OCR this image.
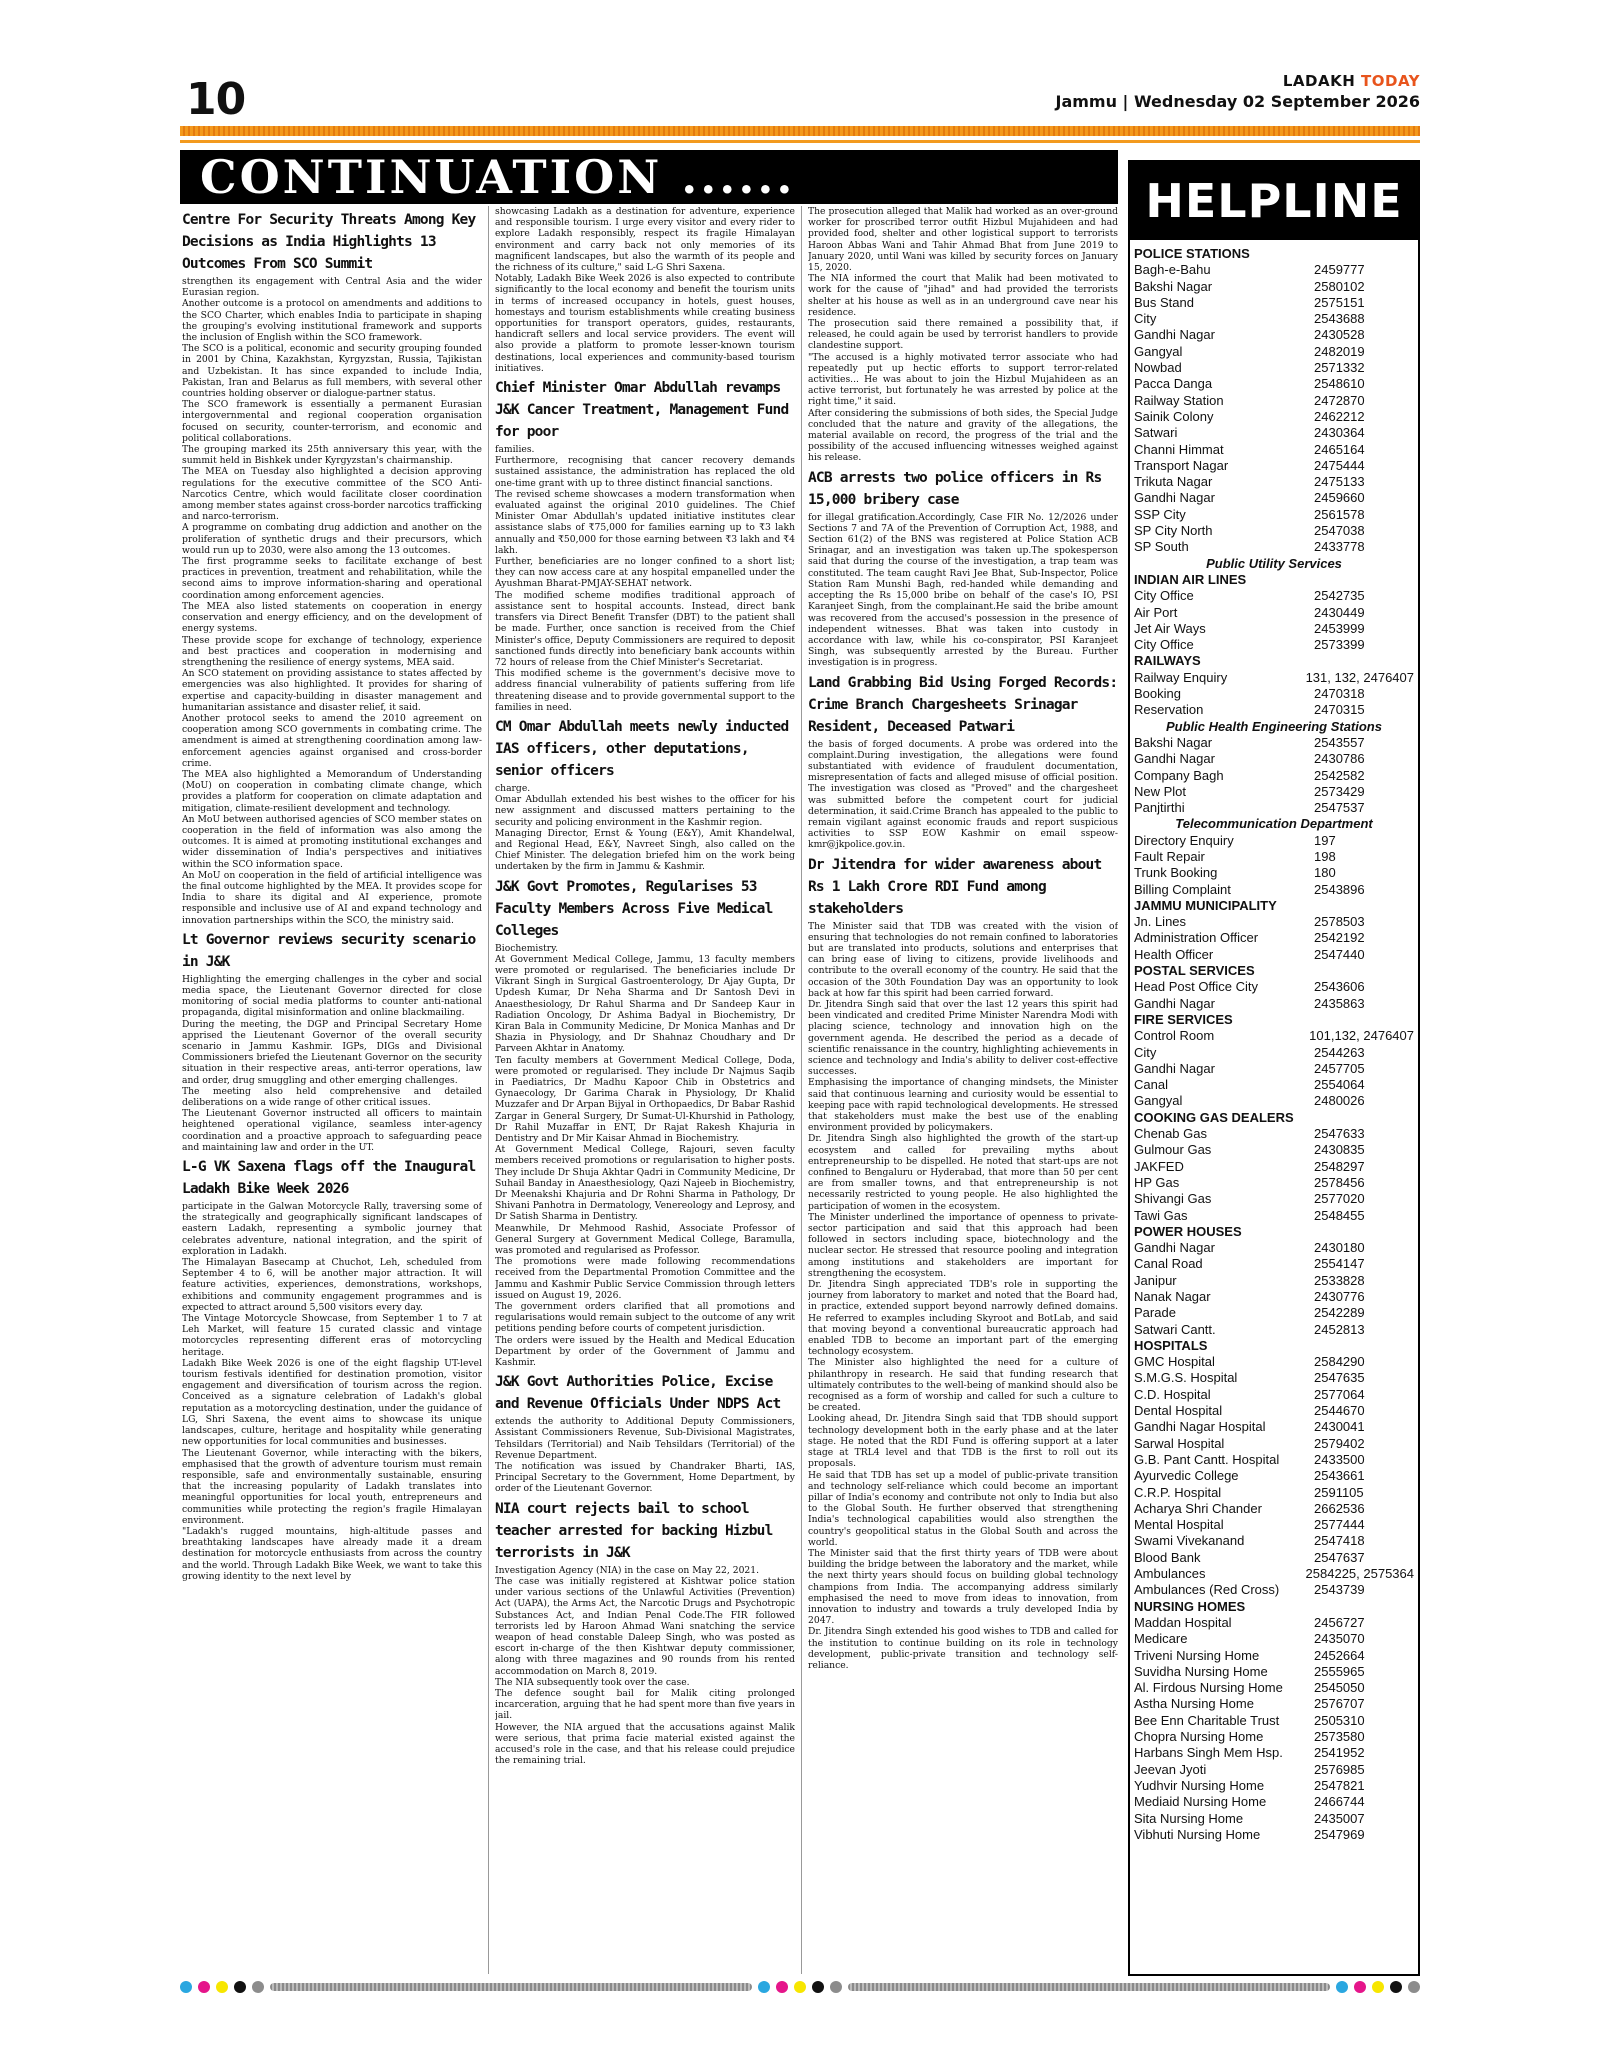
10	LADAKH TODAY
Jammu | Wednesday 02 September 2026
CONTINUATION ......
Centre For Security Threats Among Key Decisions as India Highlights 13 Outcomes From SCO Summit

strengthen its engagement with Central Asia and the wider Eurasian region.

Another outcome is a protocol on amendments and additions to the SCO Charter, which enables India to participate in shaping the grouping's evolving institutional framework and supports the inclusion of English within the SCO framework.

The SCO is a political, economic and security grouping founded in 2001 by China, Kazakhstan, Kyrgyzstan, Russia, Tajikistan and Uzbekistan. It has since expanded to include India, Pakistan, Iran and Belarus as full members, with several other countries holding observer or dialogue-partner status.

The SCO framework is essentially a permanent Eurasian intergovernmental and regional cooperation organisation focused on security, counter-terrorism, and economic and political collaborations.

The grouping marked its 25th anniversary this year, with the summit held in Bishkek under Kyrgyzstan's chairmanship.

The MEA on Tuesday also highlighted a decision approving regulations for the executive committee of the SCO Anti-Narcotics Centre, which would facilitate closer coordination among member states against cross-border narcotics trafficking and narco-terrorism.

A programme on combating drug addiction and another on the proliferation of synthetic drugs and their precursors, which would run up to 2030, were also among the 13 outcomes.

The first programme seeks to facilitate exchange of best practices in prevention, treatment and rehabilitation, while the second aims to improve information-sharing and operational coordination among enforcement agencies.

The MEA also listed statements on cooperation in energy conservation and energy efficiency, and on the development of energy systems.

These provide scope for exchange of technology, experience and best practices and cooperation in modernising and strengthening the resilience of energy systems, MEA said.

An SCO statement on providing assistance to states affected by emergencies was also highlighted. It provides for sharing of expertise and capacity-building in disaster management and humanitarian assistance and disaster relief, it said.

Another protocol seeks to amend the 2010 agreement on cooperation among SCO governments in combating crime. The amendment is aimed at strengthening coordination among law-enforcement agencies against organised and cross-border crime.

The MEA also highlighted a Memorandum of Understanding (MoU) on cooperation in combating climate change, which provides a platform for cooperation on climate adaptation and mitigation, climate-resilient development and technology.

An MoU between authorised agencies of SCO member states on cooperation in the field of information was also among the outcomes. It is aimed at promoting institutional exchanges and wider dissemination of India's perspectives and initiatives within the SCO information space.

An MoU on cooperation in the field of artificial intelligence was the final outcome highlighted by the MEA. It provides scope for India to share its digital and AI experience, promote responsible and inclusive use of AI and expand technology and innovation partnerships within the SCO, the ministry said.

Lt Governor reviews security scenario in J&K

Highlighting the emerging challenges in the cyber and social media space, the Lieutenant Governor directed for close monitoring of social media platforms to counter anti-national propaganda, digital misinformation and online blackmailing.

During the meeting, the DGP and Principal Secretary Home apprised the Lieutenant Governor of the overall security scenario in Jammu Kashmir. IGPs, DIGs and Divisional Commissioners briefed the Lieutenant Governor on the security situation in their respective areas, anti-terror operations, law and order, drug smuggling and other emerging challenges.

The meeting also held comprehensive and detailed deliberations on a wide range of other critical issues.

The Lieutenant Governor instructed all officers to maintain heightened operational vigilance, seamless inter-agency coordination and a proactive approach to safeguarding peace and maintaining law and order in the UT.

L-G VK Saxena flags off the Inaugural Ladakh Bike Week 2026

participate in the Galwan Motorcycle Rally, traversing some of the strategically and geographically significant landscapes of eastern Ladakh, representing a symbolic journey that celebrates adventure, national integration, and the spirit of exploration in Ladakh.

The Himalayan Basecamp at Chuchot, Leh, scheduled from September 4 to 6, will be another major attraction. It will feature activities, experiences, demonstrations, workshops, exhibitions and community engagement programmes and is expected to attract around 5,500 visitors every day.

The Vintage Motorcycle Showcase, from September 1 to 7 at Leh Market, will feature 15 curated classic and vintage motorcycles representing different eras of motorcycling heritage.

Ladakh Bike Week 2026 is one of the eight flagship UT-level tourism festivals identified for destination promotion, visitor engagement and diversification of tourism across the region. Conceived as a signature celebration of Ladakh's global reputation as a motorcycling destination, under the guidance of LG, Shri Saxena, the event aims to showcase its unique landscapes, culture, heritage and hospitality while generating new opportunities for local communities and businesses.

The Lieutenant Governor, while interacting with the bikers, emphasised that the growth of adventure tourism must remain responsible, safe and environmentally sustainable, ensuring that the increasing popularity of Ladakh translates into meaningful opportunities for local youth, entrepreneurs and communities while protecting the region's fragile Himalayan environment.

"Ladakh's rugged mountains, high-altitude passes and breathtaking landscapes have already made it a dream destination for motorcycle enthusiasts from across the country and the world. Through Ladakh Bike Week, we want to take this growing identity to the next level by

showcasing Ladakh as a destination for adventure, experience and responsible tourism. I urge every visitor and every rider to explore Ladakh responsibly, respect its fragile Himalayan environment and carry back not only memories of its magnificent landscapes, but also the warmth of its people and the richness of its culture," said L-G Shri Saxena.

Notably, Ladakh Bike Week 2026 is also expected to contribute significantly to the local economy and benefit the tourism units in terms of increased occupancy in hotels, guest houses, homestays and tourism establishments while creating business opportunities for transport operators, guides, restaurants, handicraft sellers and local service providers. The event will also provide a platform to promote lesser-known tourism destinations, local experiences and community-based tourism initiatives.

Chief Minister Omar Abdullah revamps J&K Cancer Treatment, Management Fund for poor

families.

Furthermore, recognising that cancer recovery demands sustained assistance, the administration has replaced the old one-time grant with up to three distinct financial sanctions.

The revised scheme showcases a modern transformation when evaluated against the original 2010 guidelines. The Chief Minister Omar Abdullah's updated initiative institutes clear assistance slabs of ₹75,000 for families earning up to ₹3 lakh annually and ₹50,000 for those earning between ₹3 lakh and ₹4 lakh.

Further, beneficiaries are no longer confined to a short list; they can now access care at any hospital empanelled under the Ayushman Bharat-PMJAY-SEHAT network.

The modified scheme modifies traditional approach of assistance sent to hospital accounts. Instead, direct bank transfers via Direct Benefit Transfer (DBT) to the patient shall be made. Further, once sanction is received from the Chief Minister's office, Deputy Commissioners are required to deposit sanctioned funds directly into beneficiary bank accounts within 72 hours of release from the Chief Minister's Secretariat.

This modified scheme is the government's decisive move to address financial vulnerability of patients suffering from life threatening disease and to provide governmental support to the families in need.

CM Omar Abdullah meets newly inducted IAS officers, other deputations, senior officers

charge.

Omar Abdullah extended his best wishes to the officer for his new assignment and discussed matters pertaining to the security and policing environment in the Kashmir region.

Managing Director, Ernst & Young (E&Y), Amit Khandelwal, and Regional Head, E&Y, Navreet Singh, also called on the Chief Minister. The delegation briefed him on the work being undertaken by the firm in Jammu & Kashmir.

J&K Govt Promotes, Regularises 53 Faculty Members Across Five Medical Colleges

Biochemistry.

At Government Medical College, Jammu, 13 faculty members were promoted or regularised. The beneficiaries include Dr Vikrant Singh in Surgical Gastroenterology, Dr Ajay Gupta, Dr Updesh Kumar, Dr Neha Sharma and Dr Santosh Devi in Anaesthesiology, Dr Rahul Sharma and Dr Sandeep Kaur in Radiation Oncology, Dr Ashima Badyal in Biochemistry, Dr Kiran Bala in Community Medicine, Dr Monica Manhas and Dr Shazia in Physiology, and Dr Shahnaz Choudhary and Dr Parveen Akhtar in Anatomy.

Ten faculty members at Government Medical College, Doda, were promoted or regularised. They include Dr Najmus Saqib in Paediatrics, Dr Madhu Kapoor Chib in Obstetrics and Gynaecology, Dr Garima Charak in Physiology, Dr Khalid Muzzafer and Dr Arpan Bijyal in Orthopaedics, Dr Babar Rashid Zargar in General Surgery, Dr Sumat-Ul-Khurshid in Pathology, Dr Rahil Muzaffar in ENT, Dr Rajat Rakesh Khajuria in Dentistry and Dr Mir Kaisar Ahmad in Biochemistry.

At Government Medical College, Rajouri, seven faculty members received promotions or regularisation to higher posts. They include Dr Shuja Akhtar Qadri in Community Medicine, Dr Suhail Banday in Anaesthesiology, Qazi Najeeb in Biochemistry, Dr Meenakshi Khajuria and Dr Rohni Sharma in Pathology, Dr Shivani Panhotra in Dermatology, Venereology and Leprosy, and Dr Satish Sharma in Dentistry.

Meanwhile, Dr Mehmood Rashid, Associate Professor of General Surgery at Government Medical College, Baramulla, was promoted and regularised as Professor.

The promotions were made following recommendations received from the Departmental Promotion Committee and the Jammu and Kashmir Public Service Commission through letters issued on August 19, 2026.

The government orders clarified that all promotions and regularisations would remain subject to the outcome of any writ petitions pending before courts of competent jurisdiction.

The orders were issued by the Health and Medical Education Department by order of the Government of Jammu and Kashmir.

J&K Govt Authorities Police, Excise and Revenue Officials Under NDPS Act

extends the authority to Additional Deputy Commissioners, Assistant Commissioners Revenue, Sub-Divisional Magistrates, Tehsildars (Territorial) and Naib Tehsildars (Territorial) of the Revenue Department.

The notification was issued by Chandraker Bharti, IAS, Principal Secretary to the Government, Home Department, by order of the Lieutenant Governor.

NIA court rejects bail to school teacher arrested for backing Hizbul terrorists in J&K

Investigation Agency (NIA) in the case on May 22, 2021.

The case was initially registered at Kishtwar police station under various sections of the Unlawful Activities (Prevention) Act (UAPA), the Arms Act, the Narcotic Drugs and Psychotropic Substances Act, and Indian Penal Code.The FIR followed terrorists led by Haroon Ahmad Wani snatching the service weapon of head constable Daleep Singh, who was posted as escort in-charge of the then Kishtwar deputy commissioner, along with three magazines and 90 rounds from his rented accommodation on March 8, 2019.

The NIA subsequently took over the case.

The defence sought bail for Malik citing prolonged incarceration, arguing that he had spent more than five years in jail.

However, the NIA argued that the accusations against Malik were serious, that prima facie material existed against the accused's role in the case, and that his release could prejudice the remaining trial.

The prosecution alleged that Malik had worked as an over-ground worker for proscribed terror outfit Hizbul Mujahideen and had provided food, shelter and other logistical support to terrorists Haroon Abbas Wani and Tahir Ahmad Bhat from June 2019 to January 2020, until Wani was killed by security forces on January 15, 2020.

The NIA informed the court that Malik had been motivated to work for the cause of "jihad" and had provided the terrorists shelter at his house as well as in an underground cave near his residence.

The prosecution said there remained a possibility that, if released, he could again be used by terrorist handlers to provide clandestine support.

"The accused is a highly motivated terror associate who had repeatedly put up hectic efforts to support terror-related activities... He was about to join the Hizbul Mujahideen as an active terrorist, but fortunately he was arrested by police at the right time," it said.

After considering the submissions of both sides, the Special Judge concluded that the nature and gravity of the allegations, the material available on record, the progress of the trial and the possibility of the accused influencing witnesses weighed against his release.

ACB arrests two police officers in Rs 15,000 bribery case

for illegal gratification.Accordingly, Case FIR No. 12/2026 under Sections 7 and 7A of the Prevention of Corruption Act, 1988, and Section 61(2) of the BNS was registered at Police Station ACB Srinagar, and an investigation was taken up.The spokesperson said that during the course of the investigation, a trap team was constituted. The team caught Ravi Jee Bhat, Sub-Inspector, Police Station Ram Munshi Bagh, red-handed while demanding and accepting the Rs 15,000 bribe on behalf of the case's IO, PSI Karanjeet Singh, from the complainant.He said the bribe amount was recovered from the accused's possession in the presence of independent witnesses. Bhat was taken into custody in accordance with law, while his co-conspirator, PSI Karanjeet Singh, was subsequently arrested by the Bureau. Further investigation is in progress.

Land Grabbing Bid Using Forged Records: Crime Branch Chargesheets Srinagar Resident, Deceased Patwari

the basis of forged documents. A probe was ordered into the complaint.During investigation, the allegations were found substantiated with evidence of fraudulent documentation, misrepresentation of facts and alleged misuse of official position. The investigation was closed as "Proved" and the chargesheet was submitted before the competent court for judicial determination, it said.Crime Branch has appealed to the public to remain vigilant against economic frauds and report suspicious activities to SSP EOW Kashmir on email sspeow-kmr@jkpolice.gov.in.

Dr Jitendra for wider awareness about Rs 1 Lakh Crore RDI Fund among stakeholders

The Minister said that TDB was created with the vision of ensuring that technologies do not remain confined to laboratories but are translated into products, solutions and enterprises that can bring ease of living to citizens, provide livelihoods and contribute to the overall economy of the country. He said that the occasion of the 30th Foundation Day was an opportunity to look back at how far this spirit had been carried forward.

Dr. Jitendra Singh said that over the last 12 years this spirit had been vindicated and credited Prime Minister Narendra Modi with placing science, technology and innovation high on the government agenda. He described the period as a decade of scientific renaissance in the country, highlighting achievements in science and technology and India's ability to deliver cost-effective successes.

Emphasising the importance of changing mindsets, the Minister said that continuous learning and curiosity would be essential to keeping pace with rapid technological developments. He stressed that stakeholders must make the best use of the enabling environment provided by policymakers.

Dr. Jitendra Singh also highlighted the growth of the start-up ecosystem and called for prevailing myths about entrepreneurship to be dispelled. He noted that start-ups are not confined to Bengaluru or Hyderabad, that more than 50 per cent are from smaller towns, and that entrepreneurship is not necessarily restricted to young people. He also highlighted the participation of women in the ecosystem.

The Minister underlined the importance of openness to private-sector participation and said that this approach had been followed in sectors including space, biotechnology and the nuclear sector. He stressed that resource pooling and integration among institutions and stakeholders are important for strengthening the ecosystem.

Dr. Jitendra Singh appreciated TDB's role in supporting the journey from laboratory to market and noted that the Board had, in practice, extended support beyond narrowly defined domains. He referred to examples including Skyroot and BotLab, and said that moving beyond a conventional bureaucratic approach had enabled TDB to become an important part of the emerging technology ecosystem.

The Minister also highlighted the need for a culture of philanthropy in research. He said that funding research that ultimately contributes to the well-being of mankind should also be recognised as a form of worship and called for such a culture to be created.

Looking ahead, Dr. Jitendra Singh said that TDB should support technology development both in the early phase and at the later stage. He noted that the RDI Fund is offering support at a later stage at TRL4 level and that TDB is the first to roll out its proposals.

He said that TDB has set up a model of public-private transition and technology self-reliance which could become an important pillar of India's economy and contribute not only to India but also to the Global South. He further observed that strengthening India's technological capabilities would also strengthen the country's geopolitical status in the Global South and across the world.

The Minister said that the first thirty years of TDB were about building the bridge between the laboratory and the market, while the next thirty years should focus on building global technology champions from India. The accompanying address similarly emphasised the need to move from ideas to innovation, from innovation to industry and towards a truly developed India by 2047.

Dr. Jitendra Singh extended his good wishes to TDB and called for the institution to continue building on its role in technology development, public-private transition and technology self-reliance.

HELPLINE
POLICE STATIONS
Bagh-e-Bahu	2459777
Bakshi Nagar	2580102
Bus Stand	2575151
City	2543688
Gandhi Nagar	2430528
Gangyal	2482019
Nowbad	2571332
Pacca Danga	2548610
Railway Station	2472870
Sainik Colony	2462212
Satwari	2430364
Channi Himmat	2465164
Transport Nagar	2475444
Trikuta Nagar	2475133
Gandhi Nagar	2459660
SSP City	2561578
SP City North	2547038
SP South	2433778
Public Utility Services
INDIAN AIR LINES
City Office	2542735
Air Port	2430449
Jet Air Ways	2453999
City Office	2573399
RAILWAYS
Railway Enquiry	131, 132, 2476407
Booking	2470318
Reservation	2470315
Public Health Engineering Stations
Bakshi Nagar	2543557
Gandhi Nagar	2430786
Company Bagh	2542582
New Plot	2573429
Panjtirthi	2547537
Telecommunication Department
Directory Enquiry	197
Fault Repair	198
Trunk Booking	180
Billing Complaint	2543896
JAMMU MUNICIPALITY
Jn. Lines	2578503
Administration Officer	2542192
Health Officer	2547440
POSTAL SERVICES
Head Post Office City	2543606
Gandhi Nagar	2435863
FIRE SERVICES
Control Room	101,132, 2476407
City	2544263
Gandhi Nagar	2457705
Canal	2554064
Gangyal	2480026
COOKING GAS DEALERS
Chenab Gas	2547633
Gulmour Gas	2430835
JAKFED	2548297
HP Gas	2578456
Shivangi Gas	2577020
Tawi Gas	2548455
POWER HOUSES
Gandhi Nagar	2430180
Canal Road	2554147
Janipur	2533828
Nanak Nagar	2430776
Parade	2542289
Satwari Cantt.	2452813
HOSPITALS
GMC Hospital	2584290
S.M.G.S. Hospital	2547635
C.D. Hospital	2577064
Dental Hospital	2544670
Gandhi Nagar Hospital	2430041
Sarwal Hospital	2579402
G.B. Pant Cantt. Hospital	2433500
Ayurvedic College	2543661
C.R.P. Hospital	2591105
Acharya Shri Chander	2662536
Mental Hospital	2577444
Swami Vivekanand	2547418
Blood Bank	2547637
Ambulances	2584225, 2575364
Ambulances (Red Cross)	2543739
NURSING HOMES
Maddan Hospital	2456727
Medicare	2435070
Triveni Nursing Home	2452664
Suvidha Nursing Home	2555965
Al. Firdous Nursing Home	2545050
Astha Nursing Home	2576707
Bee Enn Charitable Trust	2505310
Chopra Nursing Home	2573580
Harbans Singh Mem Hsp.	2541952
Jeevan Jyoti	2576985
Yudhvir Nursing Home	2547821
Mediaid Nursing Home	2466744
Sita Nursing Home	2435007
Vibhuti Nursing Home	2547969
